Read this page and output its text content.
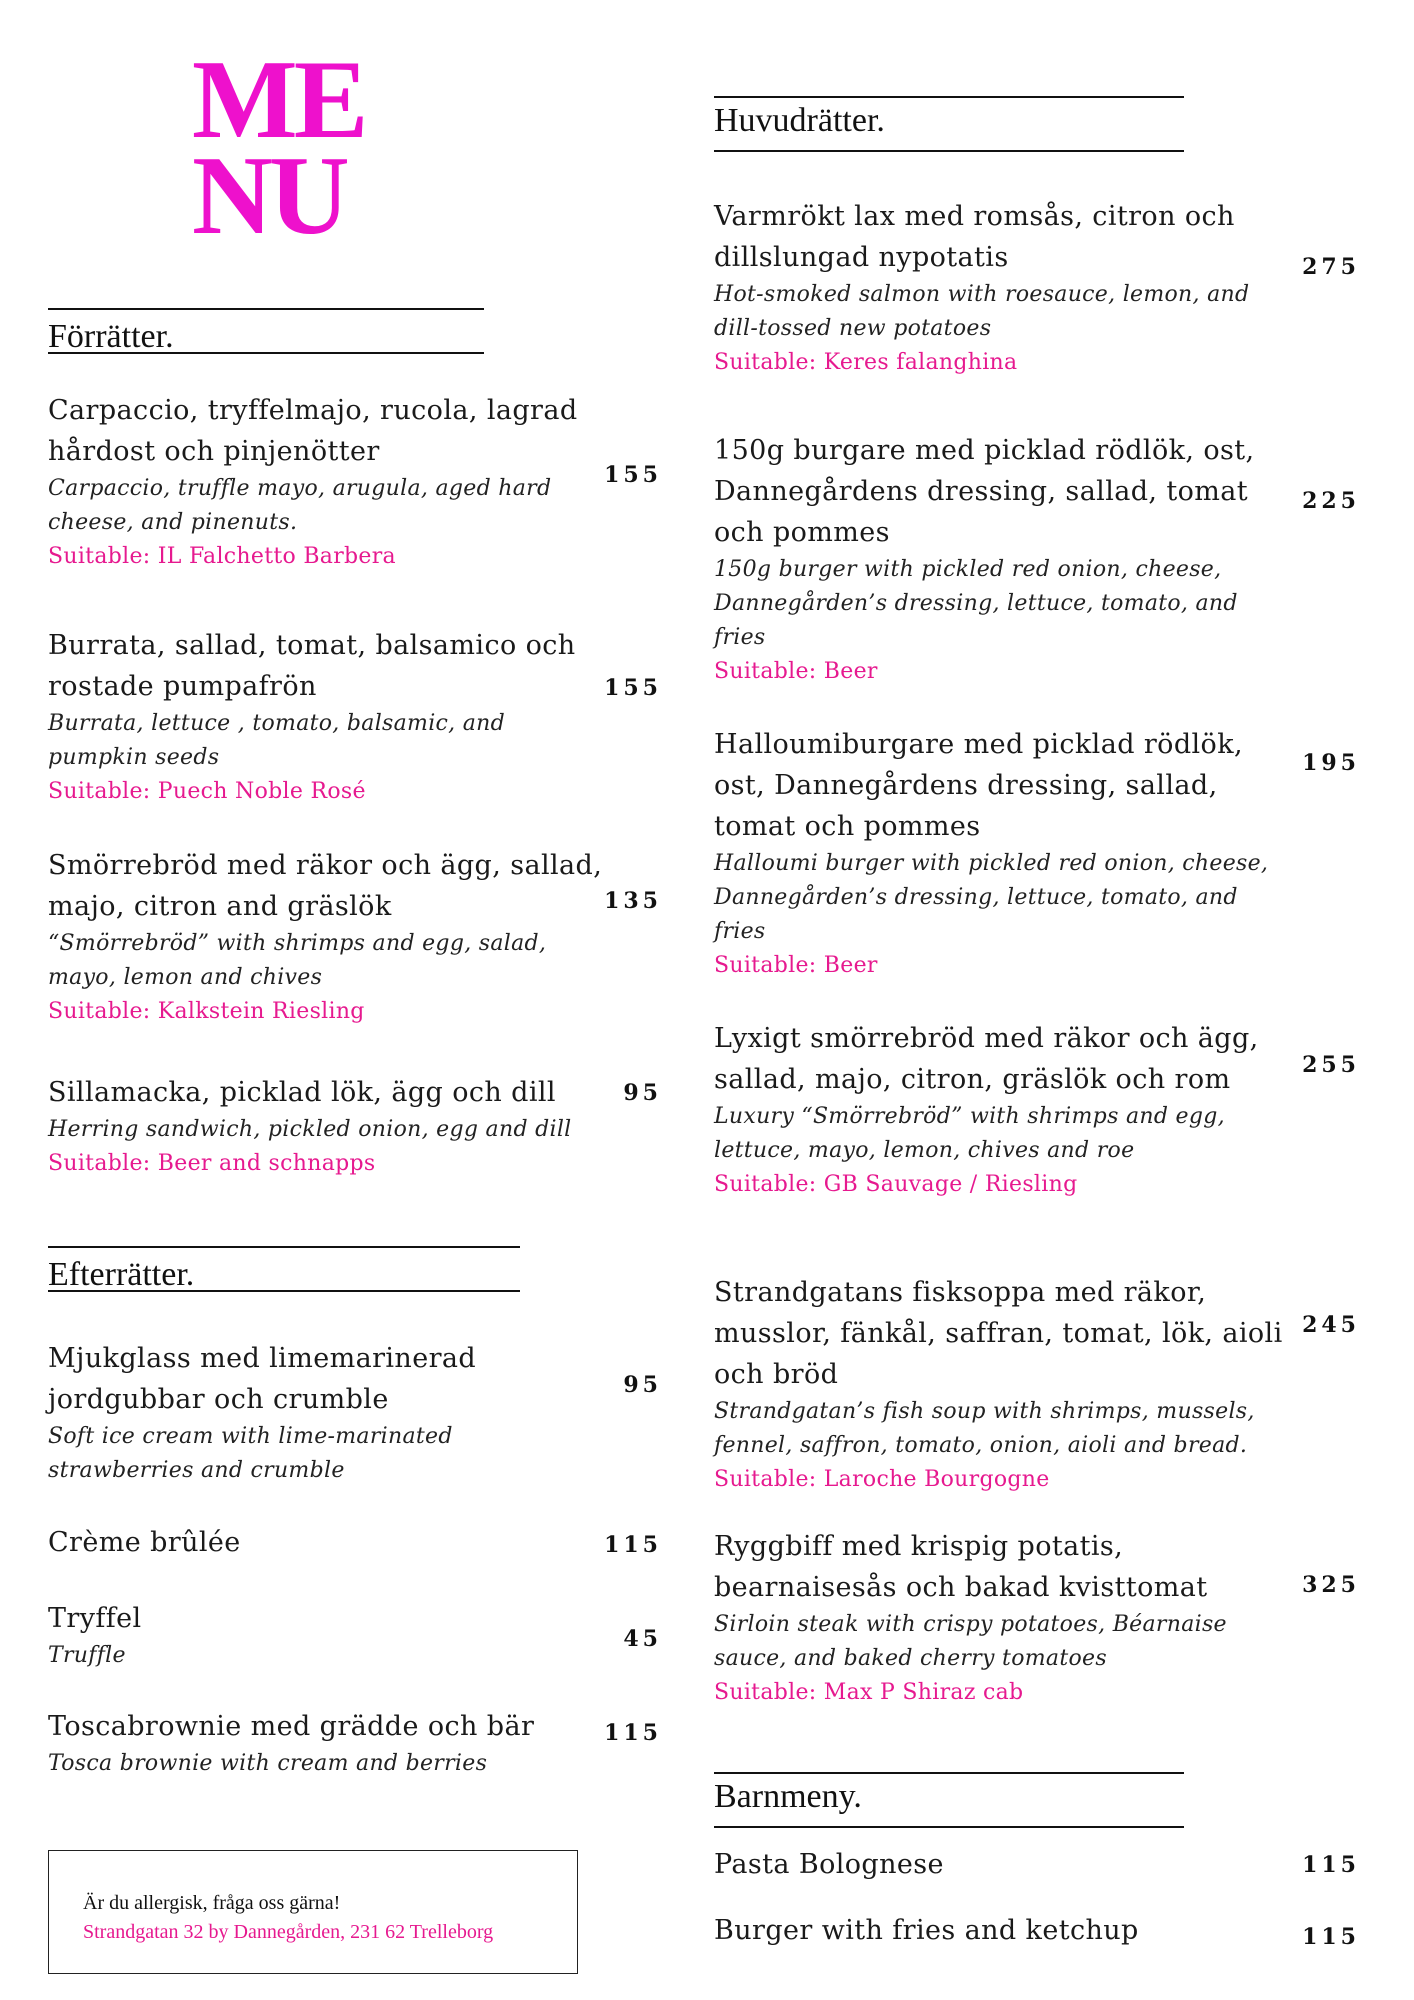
ME
NU
Förrätter.
Carpaccio, tryffelmajo, rucola, lagrad hårdost och pinjenötter
Carpaccio, truffle mayo, arugula, aged hard cheese, and pinenuts.
Suitable: IL Falchetto Barbera
155
Burrata, sallad, tomat, balsamico och rostade pumpafrön
Burrata, lettuce , tomato, balsamic, and pumpkin seeds
Suitable: Puech Noble Rosé
155
Smörrebröd med räkor och ägg, sallad, majo, citron and gräslök
“Smörrebröd” with shrimps and egg, salad, mayo, lemon and chives
Suitable: Kalkstein Riesling
135
Sillamacka, picklad lök, ägg och dill
Herring sandwich, pickled onion, egg and dill
Suitable: Beer and schnapps
95
Efterrätter.
Mjukglass med limemarinerad jordgubbar och crumble
Soft ice cream with lime-marinated strawberries and crumble
95
Crème brûlée	115
Tryffel
Truffle
45
Toscabrownie med grädde och bär
Tosca brownie with cream and berries
115
Är du allergisk, fråga oss gärna!
Strandgatan 32 by Dannegården, 231 62 Trelleborg
Huvudrätter.
Varmrökt lax med romsås, citron och dillslungad nypotatis
Hot-smoked salmon with roesauce, lemon, and dill-tossed new potatoes
Suitable: Keres falanghina
275
150g burgare med picklad rödlök, ost, Dannegårdens dressing, sallad, tomat och pommes
150g burger with pickled red onion, cheese, Dannegården’s dressing, lettuce, tomato, and fries
Suitable: Beer
225
Halloumiburgare med picklad rödlök, ost, Dannegårdens dressing, sallad, tomat och pommes
Halloumi burger with pickled red onion, cheese, Dannegården’s dressing, lettuce, tomato, and fries
Suitable: Beer
195
Lyxigt smörrebröd med räkor och ägg, sallad, majo, citron, gräslök och rom
Luxury “Smörrebröd” with shrimps and egg, lettuce, mayo, lemon, chives and roe
Suitable: GB Sauvage / Riesling
255
Strandgatans fisksoppa med räkor, musslor, fänkål, saffran, tomat, lök, aioli och bröd
Strandgatan’s fish soup with shrimps, mussels, fennel, saffron, tomato, onion, aioli and bread.
Suitable: Laroche Bourgogne
245
Ryggbiff med krispig potatis, bearnaisesås och bakad kvisttomat
Sirloin steak with crispy potatoes, Béarnaise sauce, and baked cherry tomatoes
Suitable: Max P Shiraz cab
325
Barnmeny.
Pasta Bolognese	115
Burger with fries and ketchup	115
